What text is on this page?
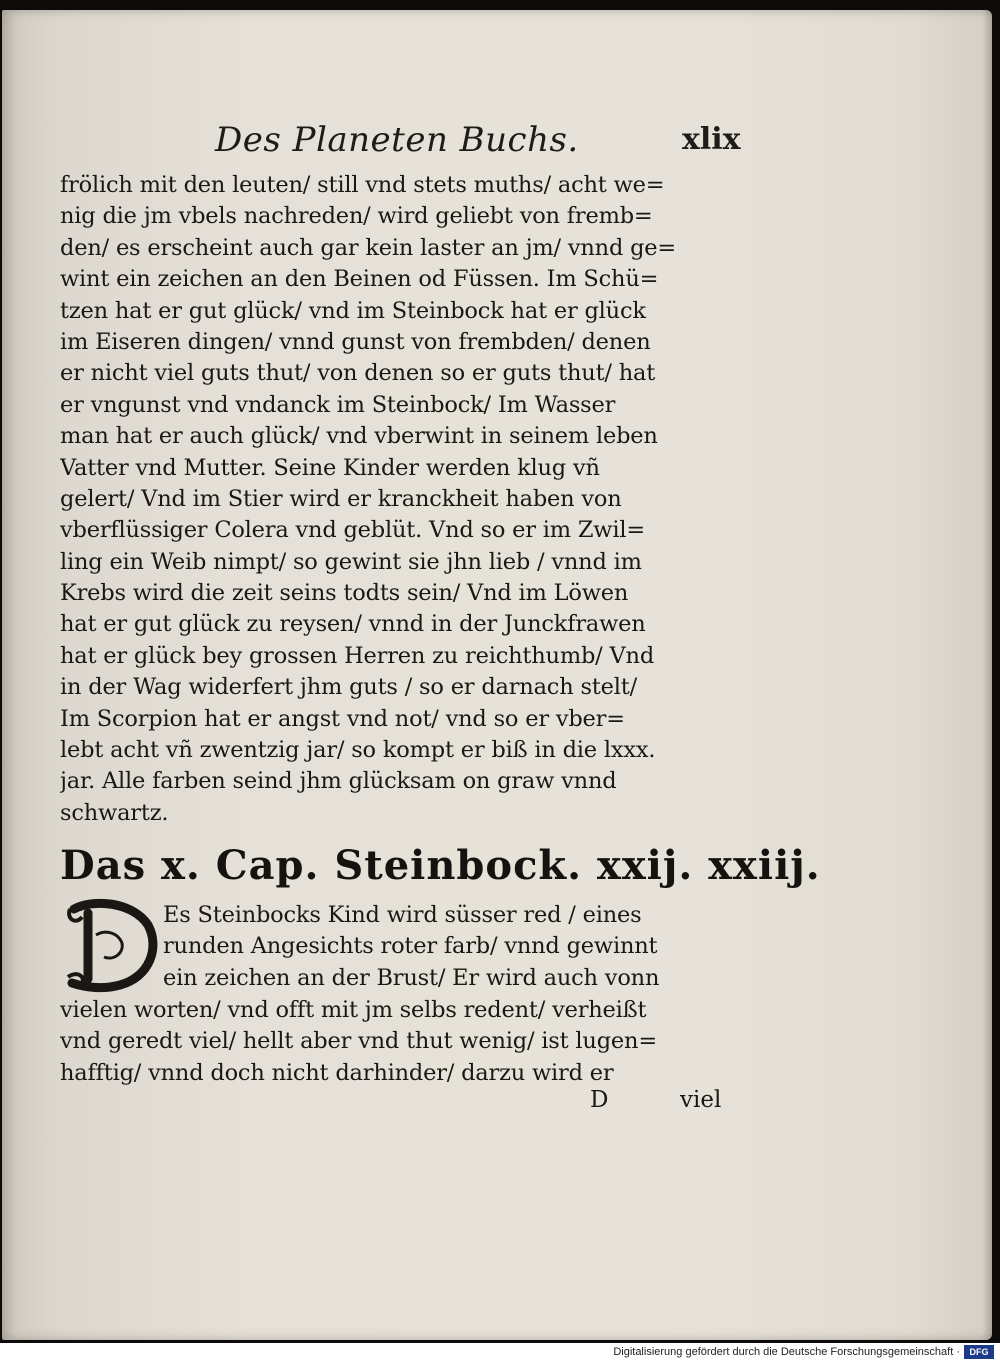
Des Planeten Buchs.	xlix
frölich mit den leuten/ still vnd stets muths/ acht we=
nig die jm vbels nachreden/ wird geliebt von fremb=
den/ es erscheint auch gar kein laster an jm/ vnnd ge=
wint ein zeichen an den Beinen od Füssen. Im Schü=
tzen hat er gut glück/ vnd im Steinbock hat er glück
im Eiseren dingen/ vnnd gunst von frembden/ denen
er nicht viel guts thut/ von denen so er guts thut/ hat
er vngunst vnd vndanck im Steinbock/ Im Wasser
man hat er auch glück/ vnd vberwint in seinem leben
Vatter vnd Mutter. Seine Kinder werden klug vñ
gelert/ Vnd im Stier wird er kranckheit haben von
vberflüssiger Colera vnd geblüt. Vnd so er im Zwil=
ling ein Weib nimpt/ so gewint sie jhn lieb / vnnd im
Krebs wird die zeit seins todts sein/ Vnd im Löwen
hat er gut glück zu reysen/ vnnd in der Junckfrawen
hat er glück bey grossen Herren zu reichthumb/ Vnd
in der Wag widerfert jhm guts / so er darnach stelt/
Im Scorpion hat er angst vnd not/ vnd so er vber=
lebt acht vñ zwentzig jar/ so kompt er biß in die lxxx.
jar. Alle farben seind jhm glücksam on graw vnnd
schwartz.
Das x. Cap. Steinbock. xxij. xxiij.
Es Steinbocks Kind wird süsser red / eines
runden Angesichts roter farb/ vnnd gewinnt
ein zeichen an der Brust/ Er wird auch vonn
vielen worten/ vnd offt mit jm selbs redent/ verheißt
vnd geredt viel/ hellt aber vnd thut wenig/ ist lugen=
hafftig/ vnnd doch nicht darhinder/ darzu wird er
D	viel
Digitalisierung gefördert durch die Deutsche Forschungsgemeinschaft ·	DFG
